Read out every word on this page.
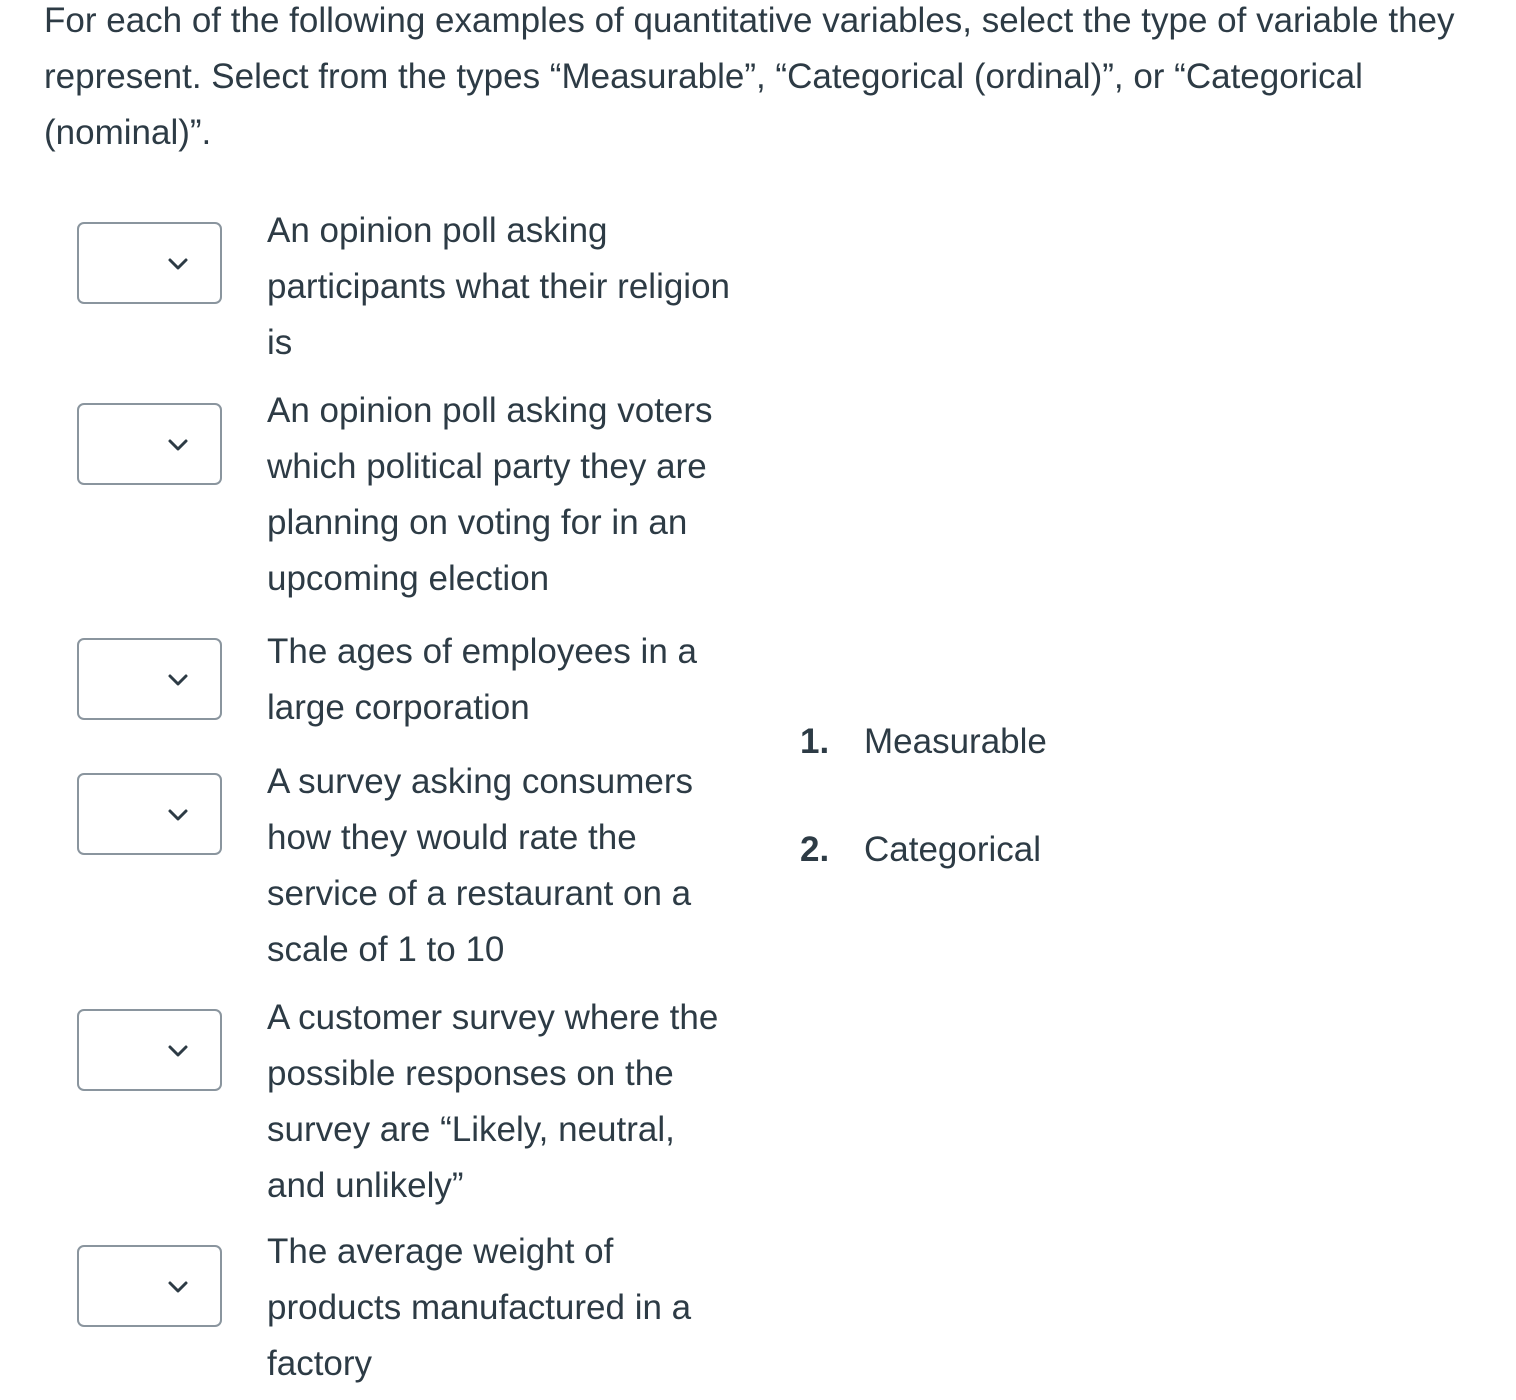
For each of the following examples of quantitative variables, select the type of variable they represent. Select from the types “Measurable”, “Categorical (ordinal)”, or “Categorical (nominal)”.

An opinion poll asking participants what their religion is

An opinion poll asking voters which political party they are planning on voting for in an upcoming election

The ages of employees in a large corporation

A survey asking consumers how they would rate the service of a restaurant on a scale of 1 to 10

A customer survey where the possible responses on the survey are “Likely, neutral, and unlikely”

The average weight of products manufactured in a factory

1. Measurable
2. Categorical
